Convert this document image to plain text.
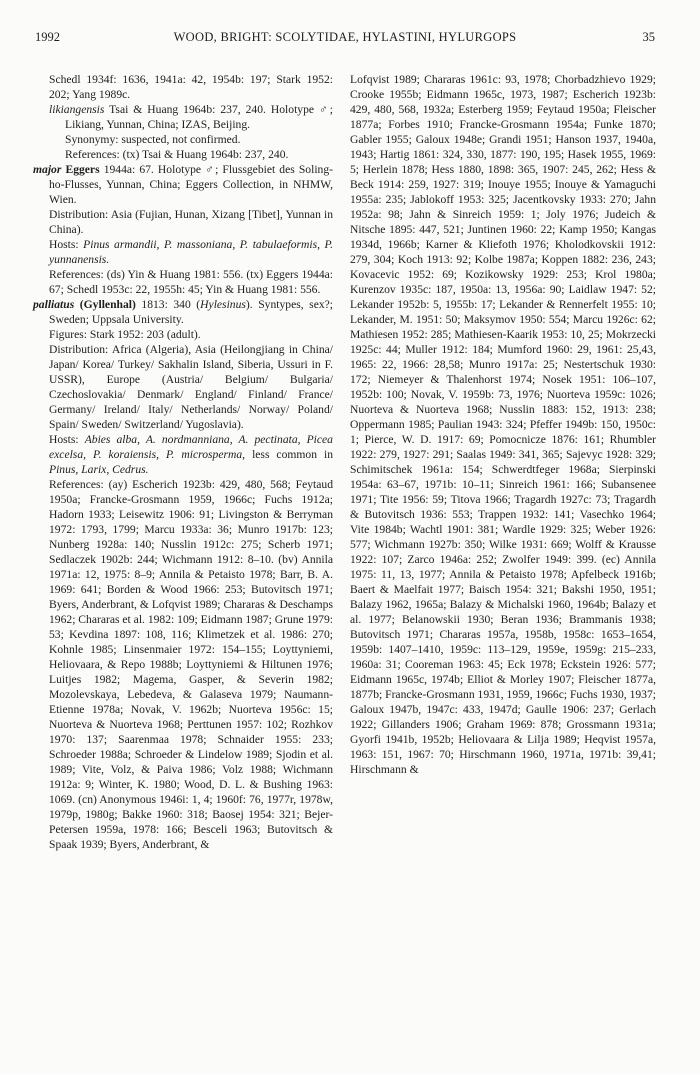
1992	WOOD, BRIGHT: SCOLYTIDAE, HYLASTINI, HYLURGOPS	35

Schedl 1934f: 1636, 1941a: 42, 1954b: 197; Stark 1952: 202; Yang 1989c.

likiangensis Tsai & Huang 1964b: 237, 240. Holotype ♂; Likiang, Yunnan, China; IZAS, Beijing.

Synonymy: suspected, not confirmed.

References: (tx) Tsai & Huang 1964b: 237, 240.

major Eggers 1944a: 67. Holotype ♂; Flussgebiet des Soling-ho-Flusses, Yunnan, China; Eggers Collection, in NHMW, Wien.

Distribution: Asia (Fujian, Hunan, Xizang [Tibet], Yunnan in China).

Hosts: Pinus armandii, P. massoniana, P. tabulaeformis, P. yunnanensis.

References: (ds) Yin & Huang 1981: 556. (tx) Eggers 1944a: 67; Schedl 1953c: 22, 1955h: 45; Yin & Huang 1981: 556.

palliatus (Gyllenhal) 1813: 340 (Hylesinus). Syntypes, sex?; Sweden; Uppsala University.

Figures: Stark 1952: 203 (adult).

Distribution: Africa (Algeria), Asia (Heilongjiang in China/ Japan/ Korea/ Turkey/ Sakhalin Island, Siberia, Ussuri in F. USSR), Europe (Austria/ Belgium/ Bulgaria/ Czechoslovakia/ Denmark/ England/ Finland/ France/ Germany/ Ireland/ Italy/ Netherlands/ Norway/ Poland/ Spain/ Sweden/ Switzerland/ Yugoslavia).

Hosts: Abies alba, A. nordmanniana, A. pectinata, Picea excelsa, P. koraiensis, P. microsperma, less common in Pinus, Larix, Cedrus.

References: (ay) Escherich 1923b: 429, 480, 568; Feytaud 1950a; Francke-Grosmann 1959, 1966c; Fuchs 1912a; Hadorn 1933; Leisewitz 1906: 91; Livingston & Berryman 1972: 1793, 1799; Marcu 1933a: 36; Munro 1917b: 123; Nunberg 1928a: 140; Nusslin 1912c: 275; Scherb 1971; Sedlaczek 1902b: 244; Wichmann 1912: 8–10. (bv) Annila 1971a: 12, 1975: 8–9; Annila & Petaisto 1978; Barr, B. A. 1969: 641; Borden & Wood 1966: 253; Butovitsch 1971; Byers, Anderbrant, & Lofqvist 1989; Chararas & Deschamps 1962; Chararas et al. 1982: 109; Eidmann 1987; Grune 1979: 53; Kevdina 1897: 108, 116; Klimetzek et al. 1986: 270; Kohnle 1985; Linsenmaier 1972: 154–155; Loyttyniemi, Heliovaara, & Repo 1988b; Loyttyniemi & Hiltunen 1976; Luitjes 1982; Magema, Gasper, & Severin 1982; Mozolevskaya, Lebedeva, & Galaseva 1979; Naumann-Etienne 1978a; Novak, V. 1962b; Nuorteva 1956c: 15; Nuorteva & Nuorteva 1968; Perttunen 1957: 102; Rozhkov 1970: 137; Saarenmaa 1978; Schnaider 1955: 233; Schroeder 1988a; Schroeder & Lindelow 1989; Sjodin et al. 1989; Vite, Volz, & Paiva 1986; Volz 1988; Wichmann 1912a: 9; Winter, K. 1980; Wood, D. L. & Bushing 1963: 1069. (cn) Anonymous 1946i: 1, 4; 1960f: 76, 1977r, 1978w, 1979p, 1980g; Bakke 1960: 318; Baosej 1954: 321; Bejer-Petersen 1959a, 1978: 166; Besceli 1963; Butovitsch & Spaak 1939; Byers, Anderbrant, &

Lofqvist 1989; Chararas 1961c: 93, 1978; Chorbadzhievo 1929; Crooke 1955b; Eidmann 1965c, 1973, 1987; Escherich 1923b: 429, 480, 568, 1932a; Esterberg 1959; Feytaud 1950a; Fleischer 1877a; Forbes 1910; Francke-Grosmann 1954a; Funke 1870; Gabler 1955; Galoux 1948e; Grandi 1951; Hanson 1937, 1940a, 1943; Hartig 1861: 324, 330, 1877: 190, 195; Hasek 1955, 1969: 5; Herlein 1878; Hess 1880, 1898: 365, 1907: 245, 262; Hess & Beck 1914: 259, 1927: 319; Inouye 1955; Inouye & Yamaguchi 1955a: 235; Jablokoff 1953: 325; Jacentkovsky 1933: 270; Jahn 1952a: 98; Jahn & Sinreich 1959: 1; Joly 1976; Judeich & Nitsche 1895: 447, 521; Juntinen 1960: 22; Kamp 1950; Kangas 1934d, 1966b; Karner & Kliefoth 1976; Kholodkovskii 1912: 279, 304; Koch 1913: 92; Kolbe 1987a; Koppen 1882: 236, 243; Kovacevic 1952: 69; Kozikowsky 1929: 253; Krol 1980a; Kurenzov 1935c: 187, 1950a: 13, 1956a: 90; Laidlaw 1947: 52; Lekander 1952b: 5, 1955b: 17; Lekander & Rennerfelt 1955: 10; Lekander, M. 1951: 50; Maksymov 1950: 554; Marcu 1926c: 62; Mathiesen 1952: 285; Mathiesen-Kaarik 1953: 10, 25; Mokrzecki 1925c: 44; Muller 1912: 184; Mumford 1960: 29, 1961: 25,43, 1965: 22, 1966: 28,58; Munro 1917a: 25; Nestertschuk 1930: 172; Niemeyer & Thalenhorst 1974; Nosek 1951: 106–107, 1952b: 100; Novak, V. 1959b: 73, 1976; Nuorteva 1959c: 1026; Nuorteva & Nuorteva 1968; Nusslin 1883: 152, 1913: 238; Oppermann 1985; Paulian 1943: 324; Pfeffer 1949b: 150, 1950c: 1; Pierce, W. D. 1917: 69; Pomocnicze 1876: 161; Rhumbler 1922: 279, 1927: 291; Saalas 1949: 341, 365; Sajevyc 1928: 329; Schimitschek 1961a: 154; Schwerdtfeger 1968a; Sierpinski 1954a: 63–67, 1971b: 10–11; Sinreich 1961: 166; Subansenee 1971; Tite 1956: 59; Titova 1966; Tragardh 1927c: 73; Tragardh & Butovitsch 1936: 553; Trappen 1932: 141; Vasechko 1964; Vite 1984b; Wachtl 1901: 381; Wardle 1929: 325; Weber 1926: 577; Wichmann 1927b: 350; Wilke 1931: 669; Wolff & Krausse 1922: 107; Zarco 1946a: 252; Zwolfer 1949: 399. (ec) Annila 1975: 11, 13, 1977; Annila & Petaisto 1978; Apfelbeck 1916b; Baert & Maelfait 1977; Baisch 1954: 321; Bakshi 1950, 1951; Balazy 1962, 1965a; Balazy & Michalski 1960, 1964b; Balazy et al. 1977; Belanowskii 1930; Beran 1936; Brammanis 1938; Butovitsch 1971; Chararas 1957a, 1958b, 1958c: 1653–1654, 1959b: 1407–1410, 1959c: 113–129, 1959e, 1959g: 215–233, 1960a: 31; Cooreman 1963: 45; Eck 1978; Eckstein 1926: 577; Eidmann 1965c, 1974b; Elliot & Morley 1907; Fleischer 1877a, 1877b; Francke-Grosmann 1931, 1959, 1966c; Fuchs 1930, 1937; Galoux 1947b, 1947c: 433, 1947d; Gaulle 1906: 237; Gerlach 1922; Gillanders 1906; Graham 1969: 878; Grossmann 1931a; Gyorfi 1941b, 1952b; Heliovaara & Lilja 1989; Heqvist 1957a, 1963: 151, 1967: 70; Hirschmann 1960, 1971a, 1971b: 39,41; Hirschmann &
